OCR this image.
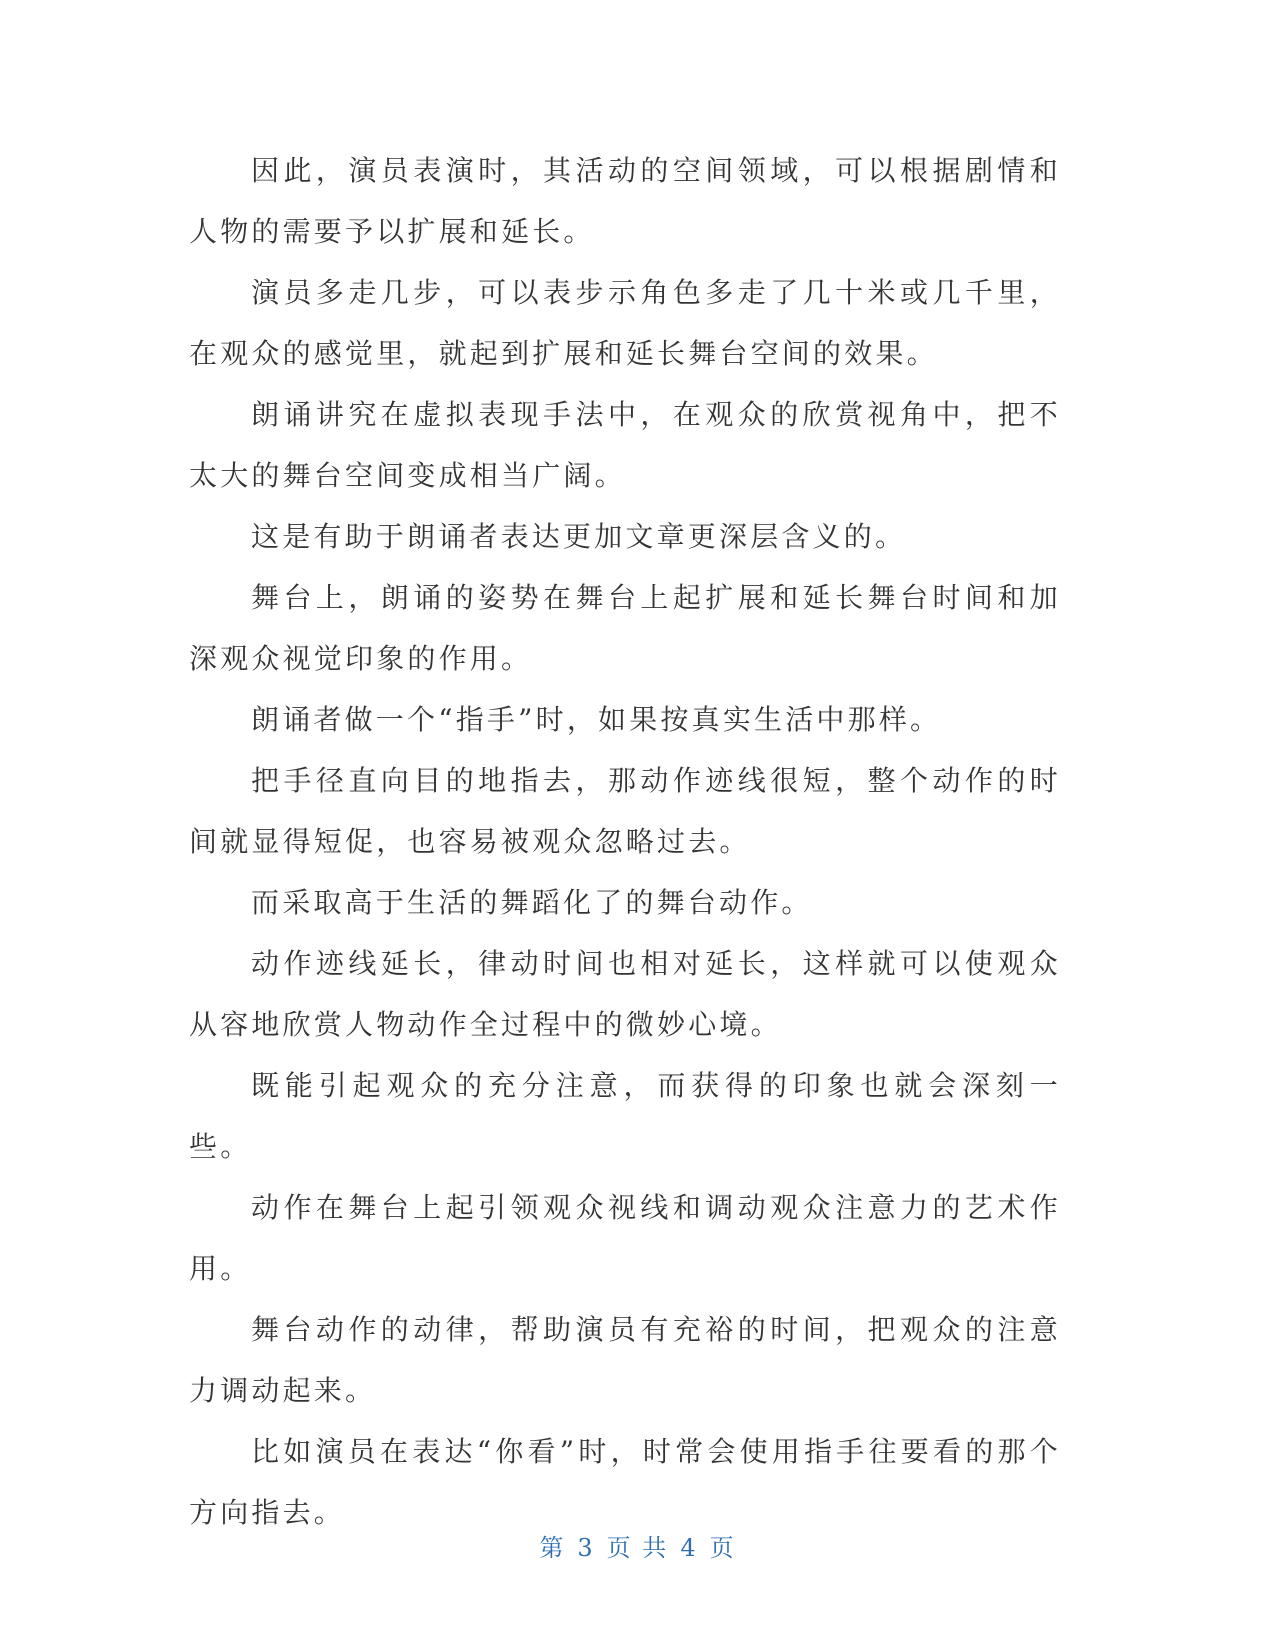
因此，演员表演时，其活动的空间领域，可以根据剧情和人物的需要予以扩展和延长。

演员多走几步，可以表步示角色多走了几十米或几千里，在观众的感觉里，就起到扩展和延长舞台空间的效果。

朗诵讲究在虚拟表现手法中，在观众的欣赏视角中，把不太大的舞台空间变成相当广阔。

这是有助于朗诵者表达更加文章更深层含义的。

舞台上，朗诵的姿势在舞台上起扩展和延长舞台时间和加深观众视觉印象的作用。

朗诵者做一个“指手”时，如果按真实生活中那样。

把手径直向目的地指去，那动作迹线很短，整个动作的时间就显得短促，也容易被观众忽略过去。

而采取高于生活的舞蹈化了的舞台动作。

动作迹线延长，律动时间也相对延长，这样就可以使观众从容地欣赏人物动作全过程中的微妙心境。

既能引起观众的充分注意，而获得的印象也就会深刻一些。

动作在舞台上起引领观众视线和调动观众注意力的艺术作用。

舞台动作的动律，帮助演员有充裕的时间，把观众的注意力调动起来。

比如演员在表达“你看”时，时常会使用指手往要看的那个方向指去。

第 3 页 共 4 页
